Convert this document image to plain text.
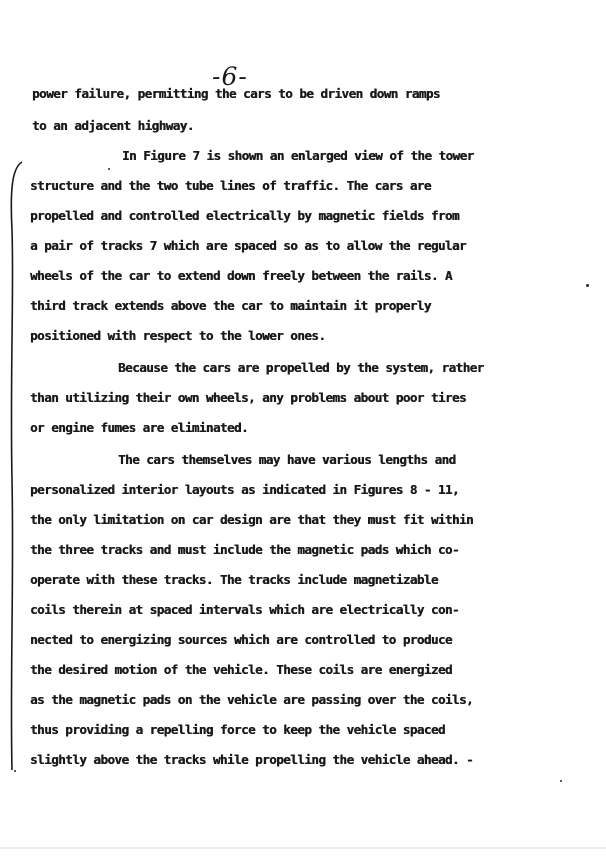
-6-
power failure, permitting the cars to be driven down ramps
to an adjacent highway.
In Figure 7 is shown an enlarged view of the tower
structure and the two tube lines of traffic. The cars are
propelled and controlled electrically by magnetic fields from
a pair of tracks 7 which are spaced so as to allow the regular
wheels of the car to extend down freely between the rails. A
third track extends above the car to maintain it properly
positioned with respect to the lower ones.
Because the cars are propelled by the system, rather
than utilizing their own wheels, any problems about poor tires
or engine fumes are eliminated.
The cars themselves may have various lengths and
personalized interior layouts as indicated in Figures 8 - 11,
the only limitation on car design are that they must fit within
the three tracks and must include the magnetic pads which co-
operate with these tracks. The tracks include magnetizable
coils therein at spaced intervals which are electrically con-
nected to energizing sources which are controlled to produce
the desired motion of the vehicle. These coils are energized
as the magnetic pads on the vehicle are passing over the coils,
thus providing a repelling force to keep the vehicle spaced
slightly above the tracks while propelling the vehicle ahead. -
